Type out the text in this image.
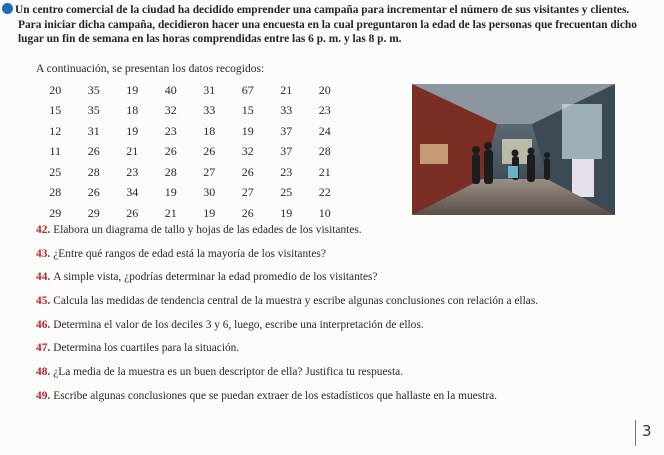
Un centro comercial de la ciudad ha decidido emprender una campaña para incrementar el número de sus visitantes y clientes. Para iniciar dicha campaña, decidieron hacer una encuesta en la cual preguntaron la edad de las personas que frecuentan dicho lugar un fin de semana en las horas comprendidas entre las 6 p. m. y las 8 p. m.

A continuación, se presentan los datos recogidos:
20	35	19	40	31	67	21	20
15	35	18	32	33	15	33	23
12	31	19	23	18	19	37	24
11	26	21	26	26	32	37	28
25	28	23	28	27	26	23	21
28	26	34	19	30	27	25	22
29	29	26	21	19	26	19	10
42. Elabora un diagrama de tallo y hojas de las edades de los visitantes.
43. ¿Entre qué rangos de edad está la mayoría de los visitantes?
44. A simple vista, ¿podrías determinar la edad promedio de los visitantes?
45. Calcula las medidas de tendencia central de la muestra y escribe algunas conclusiones con relación a ellas.
46. Determina el valor de los deciles 3 y 6, luego, escribe una interpretación de ellos.
47. Determina los cuartiles para la situación.
48. ¿La media de la muestra es un buen descriptor de ella? Justifica tu respuesta.
49. Escribe algunas conclusiones que se puedan extraer de los estadísticos que hallaste en la muestra.
3
